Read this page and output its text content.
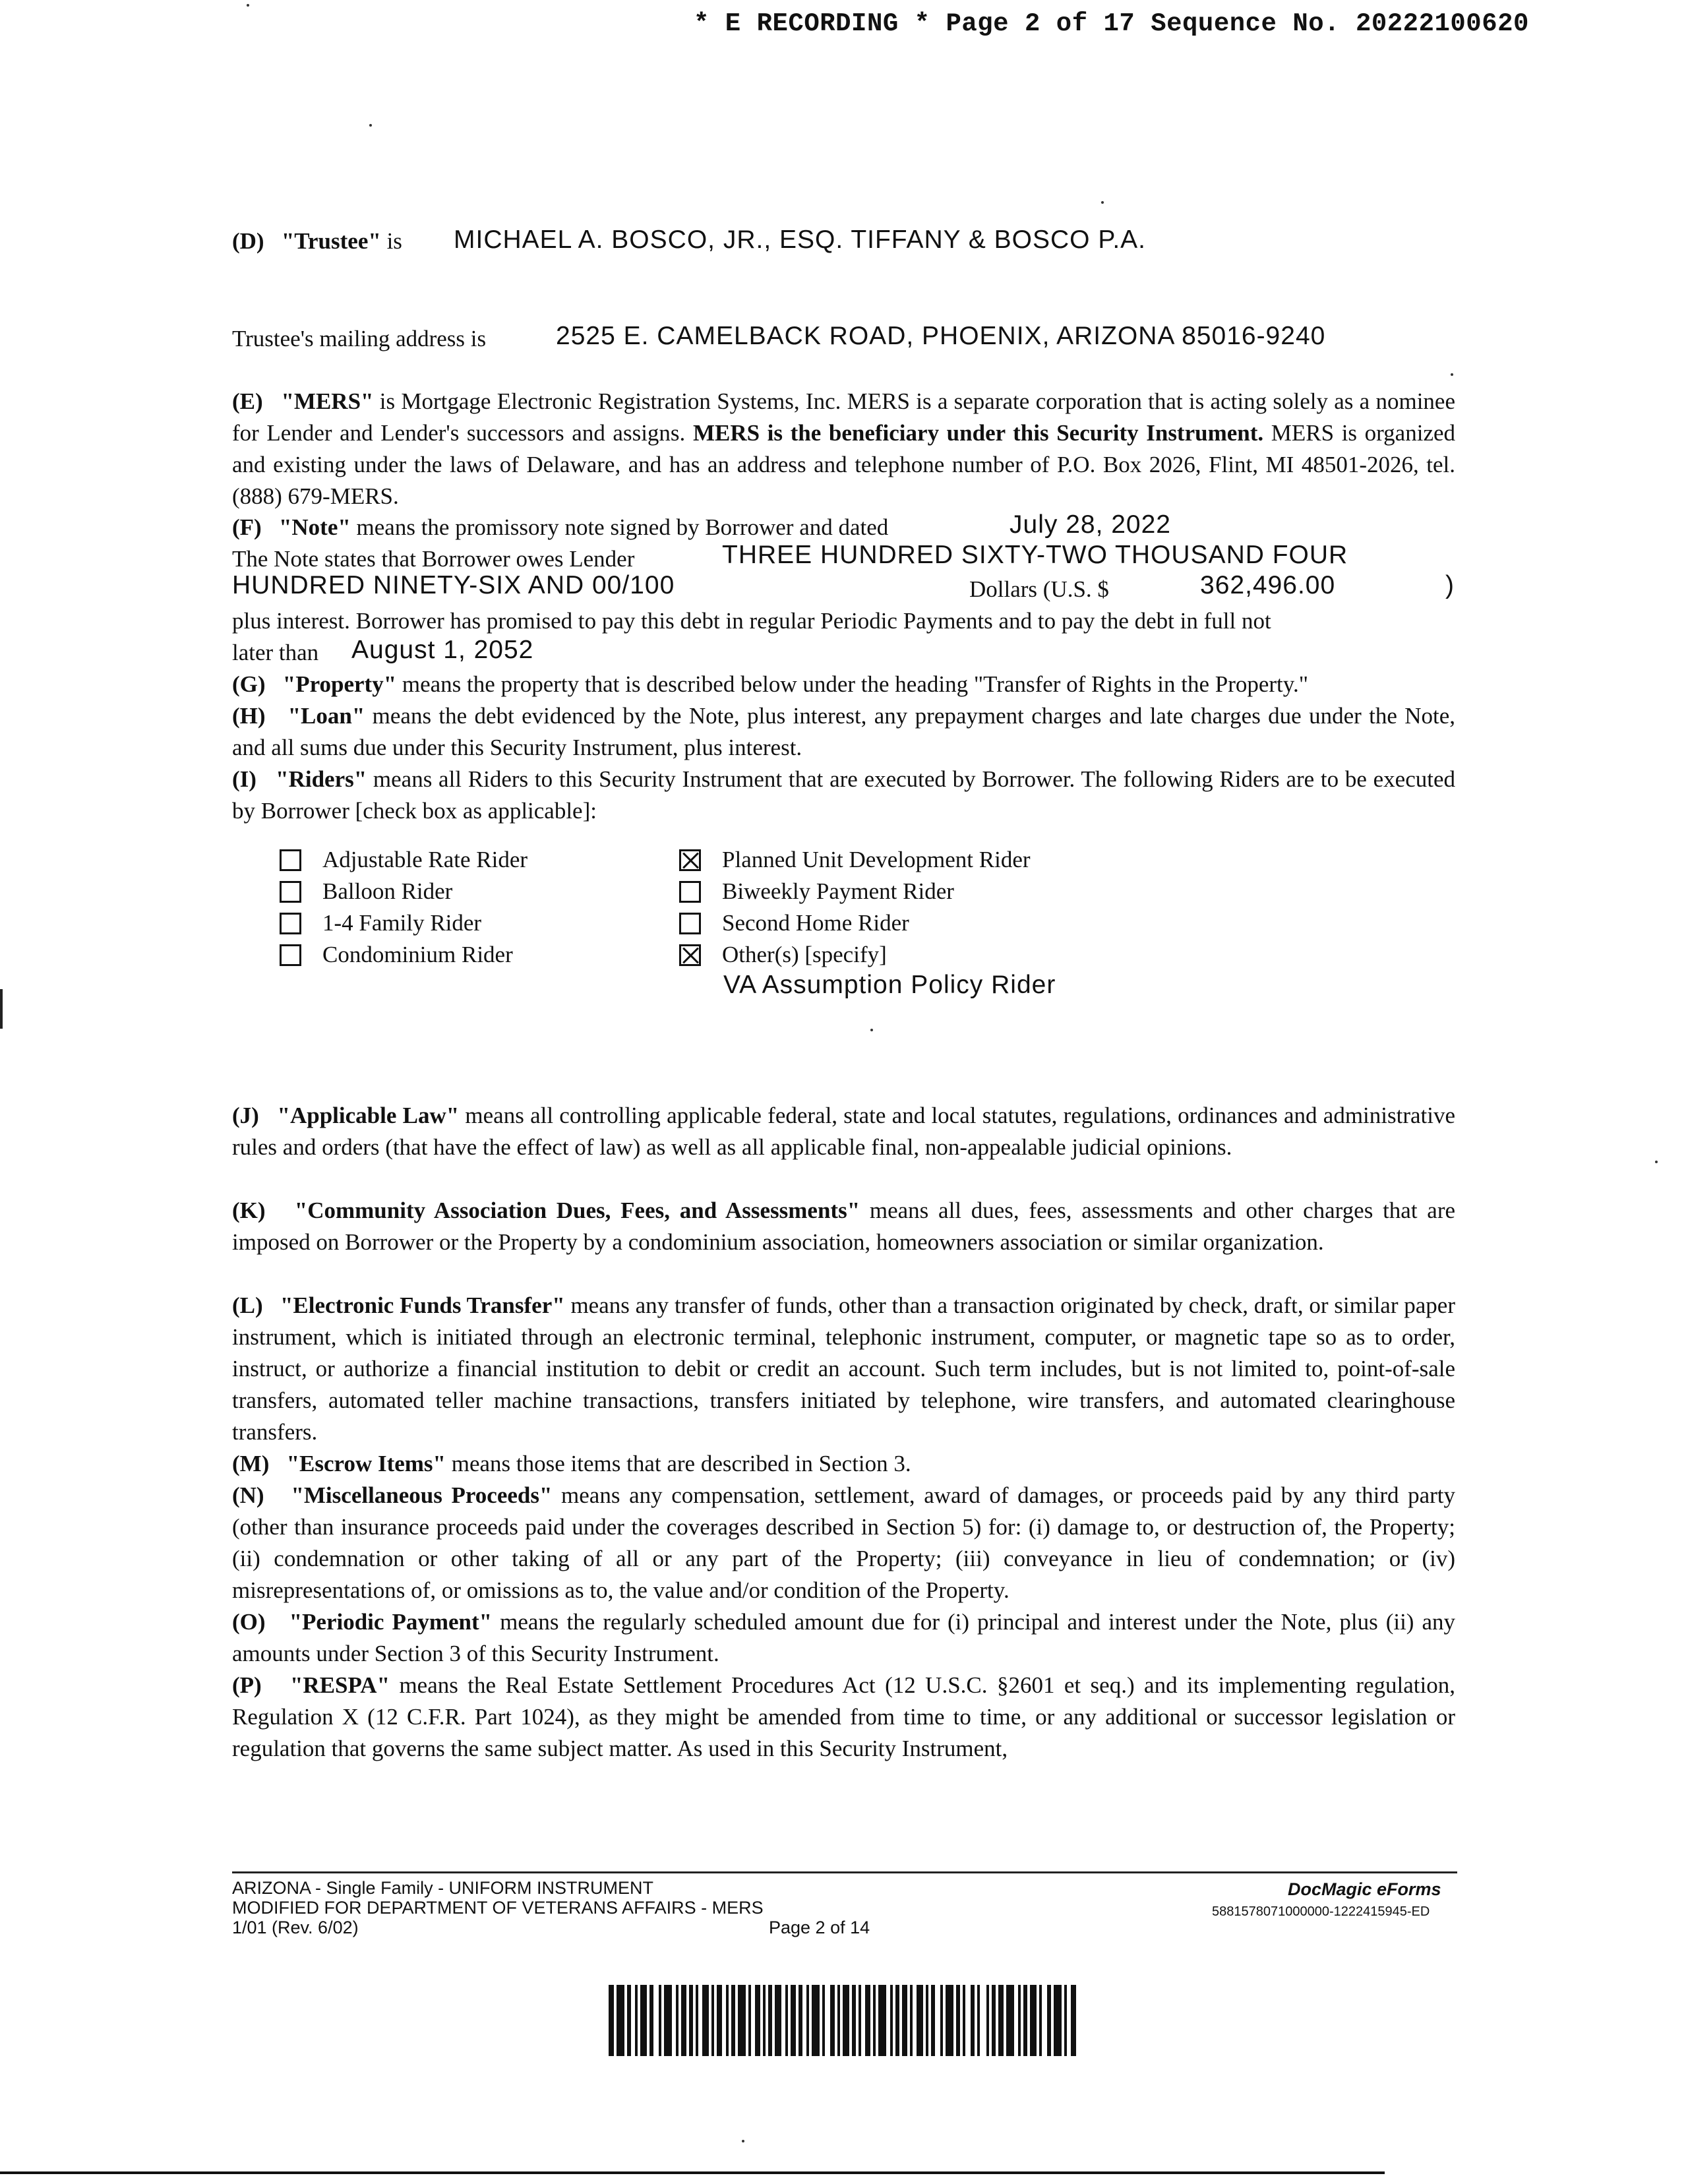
* E RECORDING * Page 2 of 17 Sequence No. 20222100620
(D) "Trustee" is MICHAEL A. BOSCO, JR., ESQ. TIFFANY & BOSCO P.A.
Trustee's mailing address is	2525 E. CAMELBACK ROAD, PHOENIX, ARIZONA 85016-9240
(E) "MERS" is Mortgage Electronic Registration Systems, Inc. MERS is a separate corporation that is acting solely as a nominee for Lender and Lender's successors and assigns. MERS is the beneficiary under this Security Instrument. MERS is organized and existing under the laws of Delaware, and has an address and telephone number of P.O. Box 2026, Flint, MI 48501-2026, tel. (888) 679-MERS.
(F) "Note" means the promissory note signed by Borrower and dated	July 28, 2022
The Note states that Borrower owes Lender	THREE HUNDRED SIXTY-TWO THOUSAND FOUR
HUNDRED NINETY-SIX AND 00/100	Dollars (U.S. $	362,496.00	)
plus interest. Borrower has promised to pay this debt in regular Periodic Payments and to pay the debt in full not
later than August 1, 2052
(G) "Property" means the property that is described below under the heading "Transfer of Rights in the Property."
(H) "Loan" means the debt evidenced by the Note, plus interest, any prepayment charges and late charges due under the Note, and all sums due under this Security Instrument, plus interest.
(I) "Riders" means all Riders to this Security Instrument that are executed by Borrower. The following Riders are to be executed by Borrower [check box as applicable]:
Adjustable Rate Rider
Balloon Rider
1-4 Family Rider
Condominium Rider
Planned Unit Development Rider
Biweekly Payment Rider
Second Home Rider
Other(s) [specify]
VA Assumption Policy Rider
(J) "Applicable Law" means all controlling applicable federal, state and local statutes, regulations, ordinances and administrative rules and orders (that have the effect of law) as well as all applicable final, non-appealable judicial opinions.
(K) "Community Association Dues, Fees, and Assessments" means all dues, fees, assessments and other charges that are imposed on Borrower or the Property by a condominium association, homeowners association or similar organization.
(L) "Electronic Funds Transfer" means any transfer of funds, other than a transaction originated by check, draft, or similar paper instrument, which is initiated through an electronic terminal, telephonic instrument, computer, or magnetic tape so as to order, instruct, or authorize a financial institution to debit or credit an account. Such term includes, but is not limited to, point-of-sale transfers, automated teller machine transactions, transfers initiated by telephone, wire transfers, and automated clearinghouse transfers.
(M) "Escrow Items" means those items that are described in Section 3.
(N) "Miscellaneous Proceeds" means any compensation, settlement, award of damages, or proceeds paid by any third party (other than insurance proceeds paid under the coverages described in Section 5) for: (i) damage to, or destruction of, the Property; (ii) condemnation or other taking of all or any part of the Property; (iii) conveyance in lieu of condemnation; or (iv) misrepresentations of, or omissions as to, the value and/or condition of the Property.
(O) "Periodic Payment" means the regularly scheduled amount due for (i) principal and interest under the Note, plus (ii) any amounts under Section 3 of this Security Instrument.
(P) "RESPA" means the Real Estate Settlement Procedures Act (12 U.S.C. §2601 et seq.) and its implementing regulation, Regulation X (12 C.F.R. Part 1024), as they might be amended from time to time, or any additional or successor legislation or regulation that governs the same subject matter. As used in this Security Instrument,
ARIZONA - Single Family - UNIFORM INSTRUMENT
MODIFIED FOR DEPARTMENT OF VETERANS AFFAIRS - MERS
1/01 (Rev. 6/02)	Page 2 of 14
DocMagic eForms
5881578071000000-1222415945-ED
